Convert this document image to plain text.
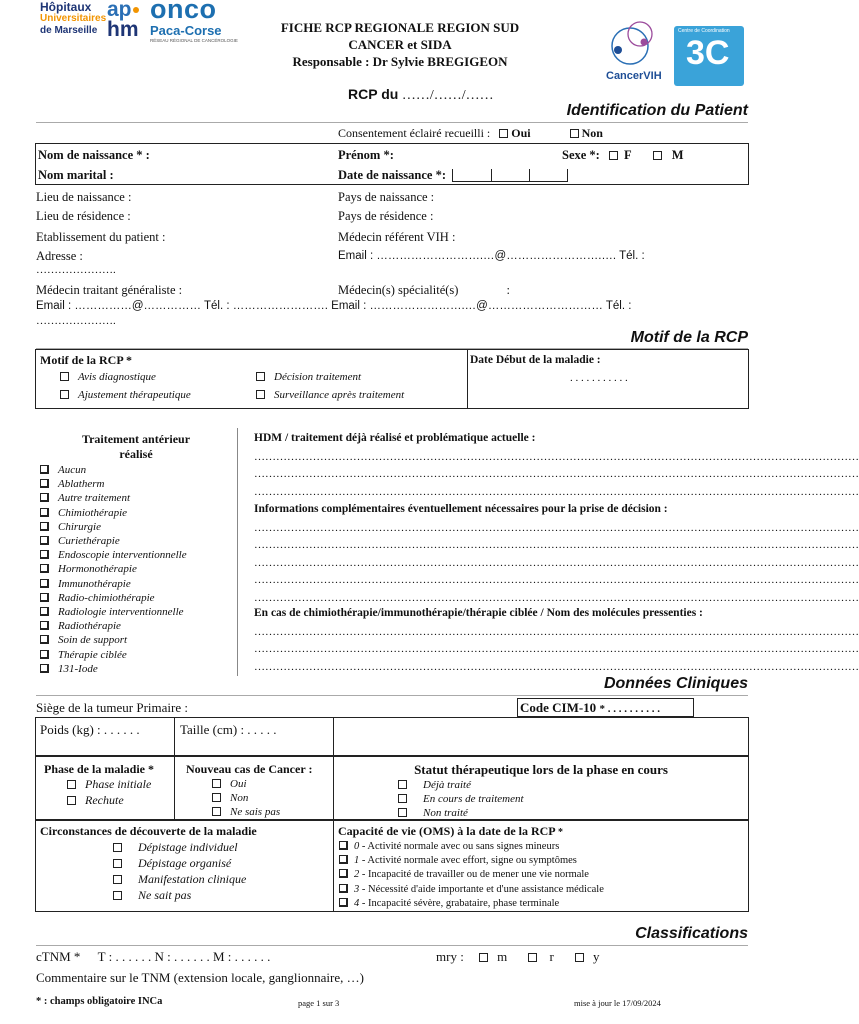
Hôpitaux
Universitaires
de Marseille
ap
hm
onco
Paca-Corse
RÉSEAU RÉGIONAL DE CANCÉROLOGIE
CancerVIH
Centre de Coordination
3C
FICHE RCP REGIONALE REGION SUD
CANCER et SIDA
Responsable : Dr Sylvie BREGIGEON
RCP du ……/……/……
Identification du Patient
Consentement éclairé recueilli : Oui	Non
Nom de naissance * :	Prénom *:	Sexe *: F	M
Nom marital :	Date de naissance *:
Lieu de naissance :	Pays de naissance :
Lieu de résidence :	Pays de résidence :
Etablissement du patient :	Médecin référent VIH :
Adresse :	Email : ……………………….…@…………………….…. Tél. :
………………….
Médecin traitant généraliste :	Médecin(s) spécialité(s)	:
Email : ……………@…………… Tél. : ……………………. Email : …………………….…@………………………… Tél. :
………………….
Motif de la RCP
Motif de la RCP *	Date Début de la maladie :
. . . . . . . . . . .
Avis diagnostique	Décision traitement
Ajustement thérapeutique	Surveillance après traitement
Traitement antérieur
réalisé
Aucun
Ablatherm
Autre traitement
Chimiothérapie
Chirurgie
Curiethérapie
Endoscopie interventionnelle
Hormonothérapie
Immunothérapie
Radio-chimiothérapie
Radiologie interventionnelle
Radiothérapie
Soin de support
Thérapie ciblée
131-Iode
HDM / traitement déjà réalisé et problématique actuelle :
…………………………………………………………………………………………………………………………………………………
…………………………………………………………………………………………………………………………………………………
…………………………………………………………………………………………………………………………………………………
Informations complémentaires éventuellement nécessaires pour la prise de décision :
…………………………………………………………………………………………………………………………………………………
…………………………………………………………………………………………………………………………………………………
…………………………………………………………………………………………………………………………………………………
…………………………………………………………………………………………………………………………………………………
…………………………………………………………………………………………………………………………………………………
En cas de chimiothérapie/immunothérapie/thérapie ciblée / Nom des molécules pressenties :
…………………………………………………………………………………………………………………………………………………
…………………………………………………………………………………………………………………………………………………
…………………………………………………………………………………………………………………………………………………
Données Cliniques
Siège de la tumeur Primaire :	Code CIM-10 * . . . . . . . . . .
Poids (kg) : . . . . . .	Taille (cm) : . . . . .
Phase de la maladie *
Phase initiale
Rechute
Nouveau cas de Cancer :
Oui
Non
Ne sais pas
Statut thérapeutique lors de la phase en cours
Déjà traité
En cours de traitement
Non traité
Circonstances de découverte de la maladie
Dépistage individuel
Dépistage organisé
Manifestation clinique
Ne sait pas
Capacité de vie (OMS) à la date de la RCP *
0 - Activité normale avec ou sans signes mineurs
1 - Activité normale avec effort, signe ou symptômes
2 - Incapacité de travailler ou de mener une vie normale
3 - Nécessité d'aide importante et d'une assistance médicale
4 - Incapacité sévère, grabataire, phase terminale
Classifications
cTNM * T : . . . . . . N : . . . . . . M : . . . . . .	mry :	m	r	y
Commentaire sur le TNM (extension locale, ganglionnaire, …)
* : champs obligatoire INCa	page 1 sur 3	mise à jour le 17/09/2024
